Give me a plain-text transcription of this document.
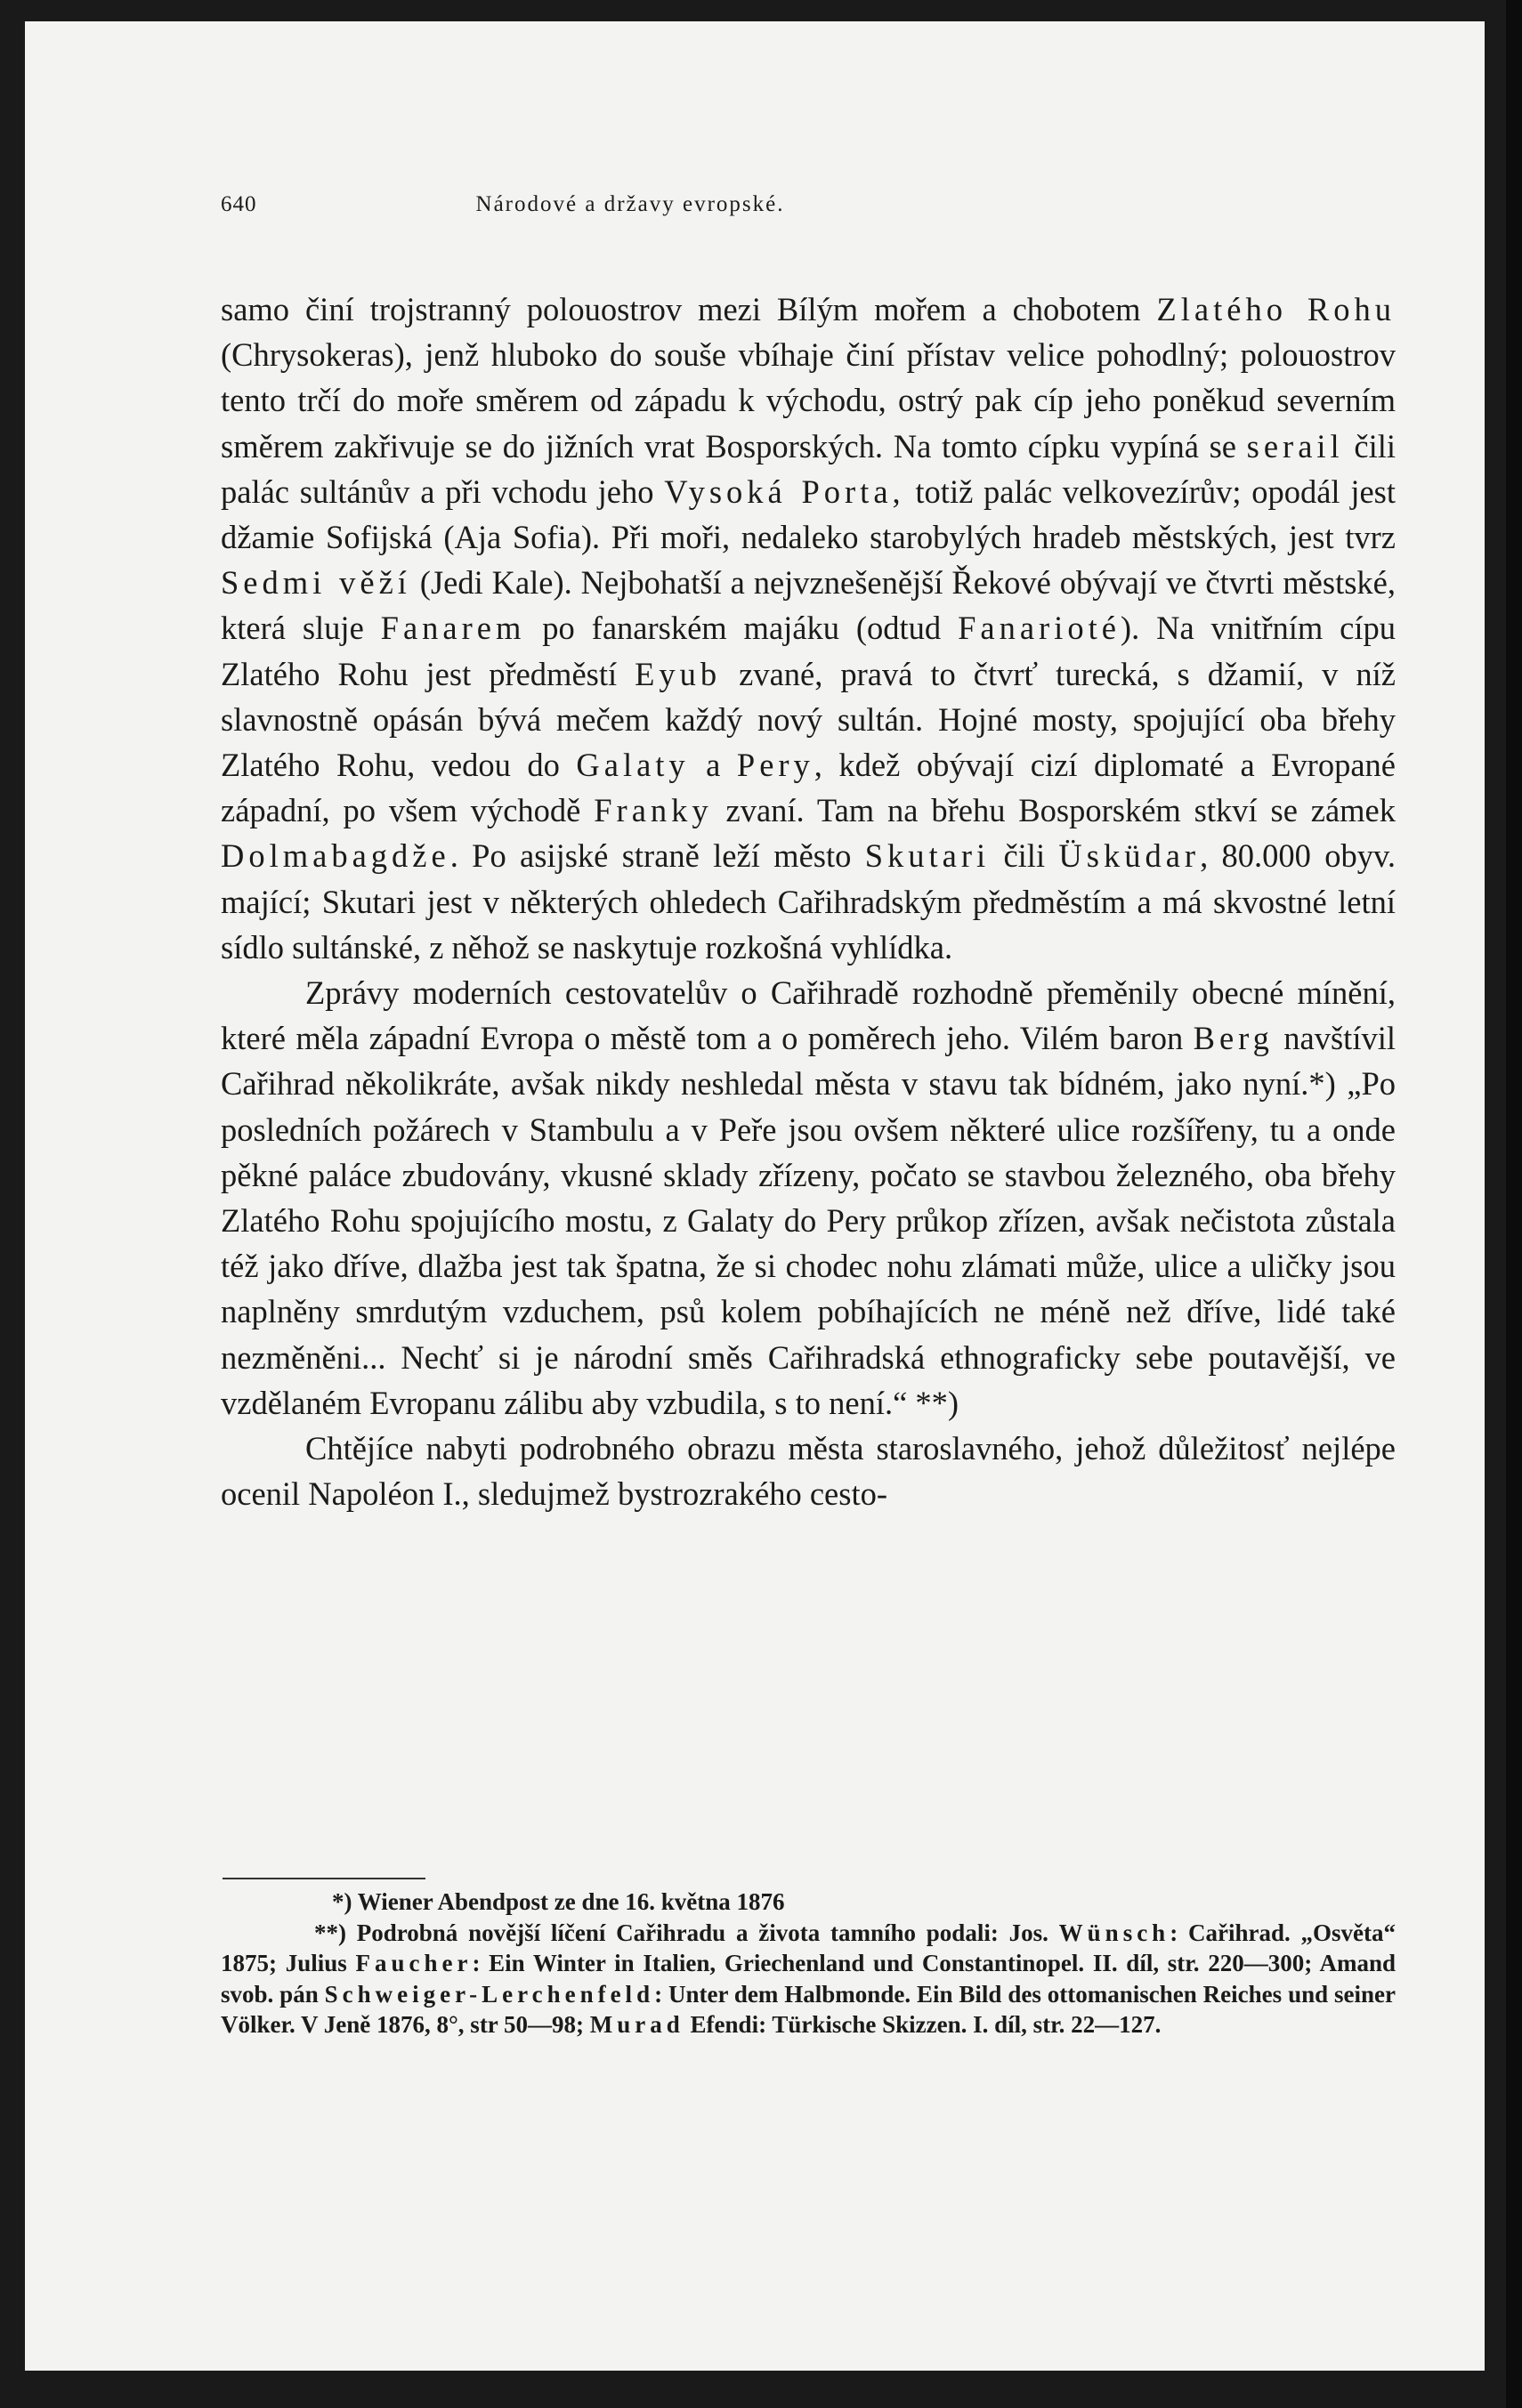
640	Národové a državy evropské.

samo činí trojstranný polouostrov mezi Bílým mořem a chobotem Zlatého Rohu (Chrysokeras), jenž hluboko do souše vbíhaje činí přístav velice pohodlný; polouostrov tento trčí do moře směrem od západu k východu, ostrý pak cíp jeho poněkud severním směrem zakřivuje se do jižních vrat Bosporských. Na tomto cípku vypíná se serail čili palác sultánův a při vchodu jeho Vysoká Porta, totiž palác velkovezírův; opodál jest džamie Sofijská (Aja Sofia). Při moři, nedaleko starobylých hradeb městských, jest tvrz Sedmi věží (Jedi Kale). Nejbohatší a nejvznešenější Řekové obývají ve čtvrti městské, která sluje Fanarem po fanarském majáku (odtud Fanarioté). Na vnitřním cípu Zlatého Rohu jest předměstí Eyub zvané, pravá to čtvrť turecká, s džamií, v níž slavnostně opásán bývá mečem každý nový sultán. Hojné mosty, spojující oba břehy Zlatého Rohu, vedou do Galaty a Pery, kdež obývají cizí diplomaté a Evropané západní, po všem východě Franky zvaní. Tam na břehu Bosporském stkví se zámek Dolmabagdže. Po asijské straně leží město Skutari čili Üsküdar, 80.000 obyv. mající; Skutari jest v některých ohledech Cařihradským předměstím a má skvostné letní sídlo sultánské, z něhož se naskytuje rozkošná vyhlídka.

Zprávy moderních cestovatelův o Cařihradě rozhodně přeměnily obecné mínění, které měla západní Evropa o městě tom a o poměrech jeho. Vilém baron Berg navštívil Cařihrad několikráte, avšak nikdy neshledal města v stavu tak bídném, jako nyní.*) „Po posledních požárech v Stambulu a v Peře jsou ovšem některé ulice rozšířeny, tu a onde pěkné paláce zbudovány, vkusné sklady zřízeny, počato se stavbou železného, oba břehy Zlatého Rohu spojujícího mostu, z Galaty do Pery průkop zřízen, avšak nečistota zůstala též jako dříve, dlažba jest tak špatna, že si chodec nohu zlámati může, ulice a uličky jsou naplněny smrdutým vzduchem, psů kolem pobíhajících ne méně než dříve, lidé také nezměněni... Nechť si je národní směs Cařihradská ethnograficky sebe poutavější, ve vzdělaném Evropanu zálibu aby vzbudila, s to není.“ **)

Chtějíce nabyti podrobného obrazu města staroslavného, jehož důležitosť nejlépe ocenil Napoléon I., sledujmež bystrozrakého cesto-

*) Wiener Abendpost ze dne 16. května 1876

**) Podrobná novější líčení Cařihradu a života tamního podali: Jos. Wünsch: Cařihrad. „Osvěta“ 1875; Julius Faucher: Ein Winter in Italien, Griechenland und Constantinopel. II. díl, str. 220—300; Amand svob. pán Schweiger-Lerchenfeld: Unter dem Halbmonde. Ein Bild des ottomanischen Reiches und seiner Völker. V Jeně 1876, 8°, str 50—98; Murad Efendi: Türkische Skizzen. I. díl, str. 22—127.
